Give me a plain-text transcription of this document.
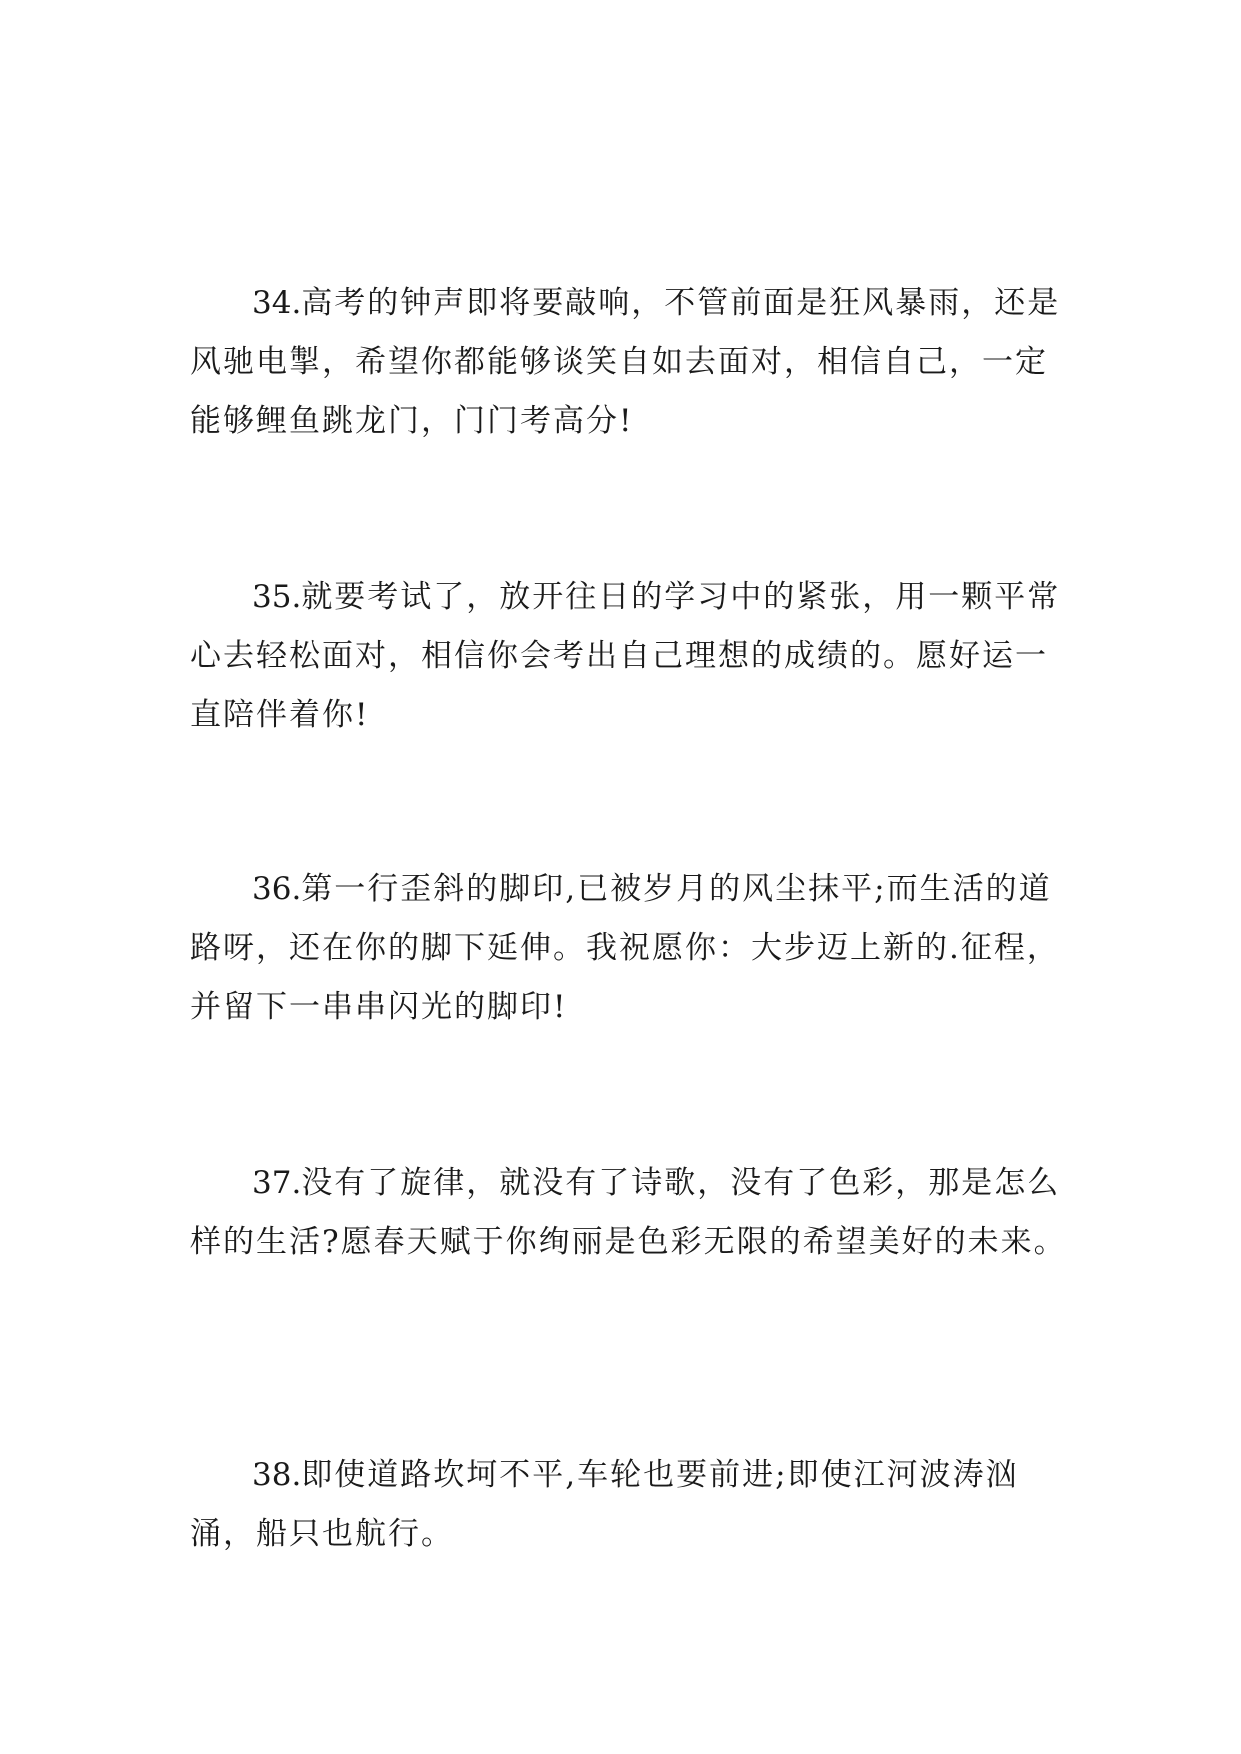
34.高考的钟声即将要敲响，不管前面是狂风暴雨，还是风驰电掣，希望你都能够谈笑自如去面对，相信自己，一定能够鲤鱼跳龙门，门门考高分!

35.就要考试了，放开往日的学习中的紧张，用一颗平常心去轻松面对，相信你会考出自己理想的成绩的。愿好运一直陪伴着你!

36.第一行歪斜的脚印,已被岁月的风尘抹平;而生活的道路呀，还在你的脚下延伸。我祝愿你：大步迈上新的.征程，并留下一串串闪光的脚印!

37.没有了旋律，就没有了诗歌，没有了色彩，那是怎么样的生活?愿春天赋于你绚丽是色彩无限的希望美好的未来。

38.即使道路坎坷不平,车轮也要前进;即使江河波涛汹涌，船只也航行。
